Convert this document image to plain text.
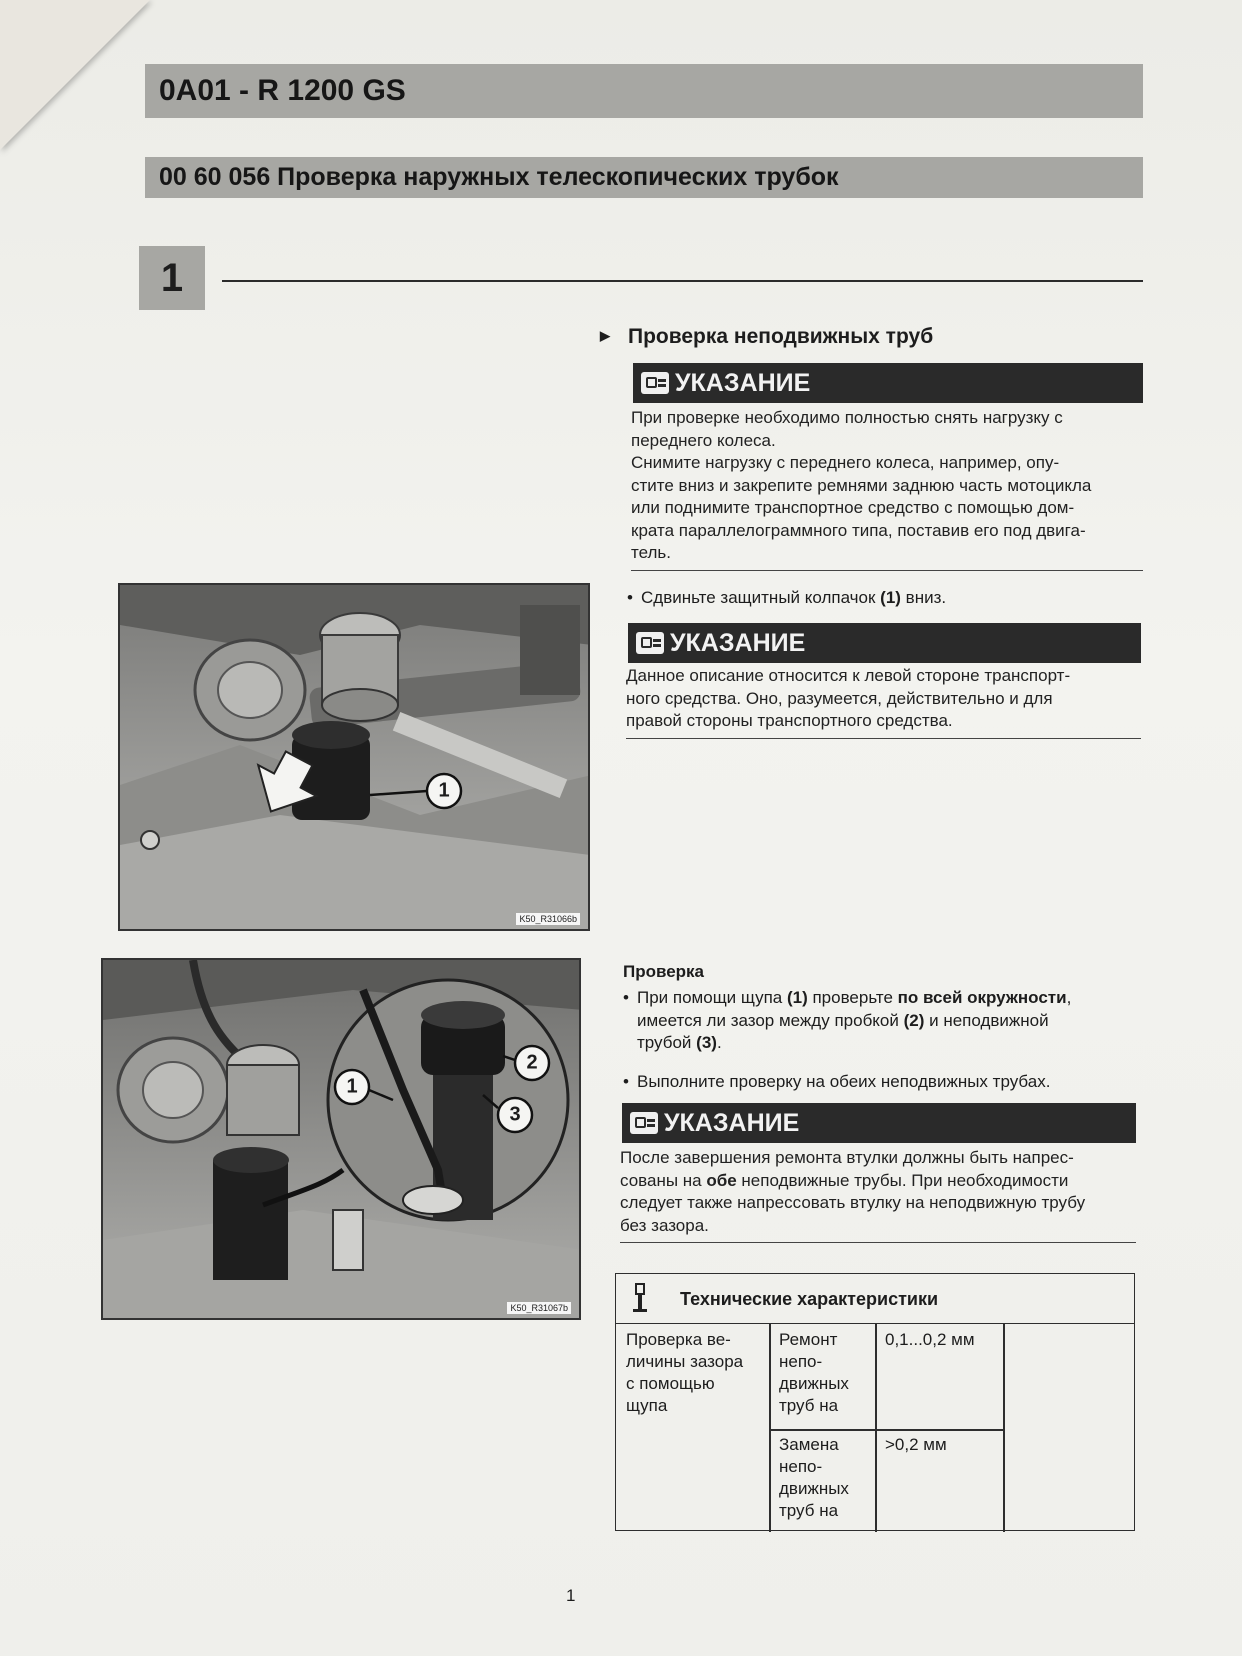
0A01 - R 1200 GS
00 60 056 Проверка наружных телескопических трубок
1
▶ Проверка неподвижных труб
УКАЗАНИЕ
При проверке необходимо полностью снять нагрузку с
переднего колеса.
Снимите нагрузку с переднего колеса, например, опу-
стите вниз и закрепите ремнями заднюю часть мотоцикла
или поднимите транспортное средство с помощью дом-
крата параллелограммного типа, поставив его под двига-
тель.
• Сдвиньте защитный колпачок (1) вниз.
УКАЗАНИЕ
Данное описание относится к левой стороне транспорт-
ного средства. Оно, разумеется, действительно и для
правой стороны транспортного средства.
1
K50_R31066b
1
2
3
K50_R31067b
Проверка
• При помощи щупа (1) проверьте по всей окружности,
имеется ли зазор между пробкой (2) и неподвижной
трубой (3).
• Выполните проверку на обеих неподвижных трубах.
УКАЗАНИЕ
После завершения ремонта втулки должны быть напрес-
сованы на обе неподвижные трубы. При необходимости
следует также напрессовать втулку на неподвижную трубу
без зазора.
Технические характеристики
Проверка ве-
личины зазора
с помощью
щупа
Ремонт
непо-
движных
труб на
0,1...0,2 мм
Замена
непо-
движных
труб на
>0,2 мм
1
